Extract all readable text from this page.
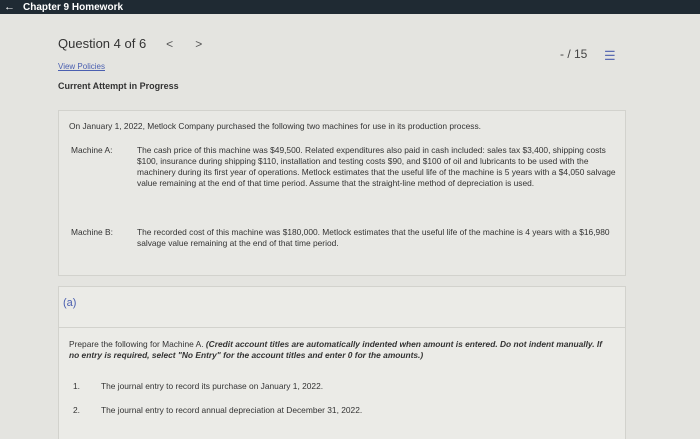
← Chapter 9 Homework
Question 4 of 6 < >
- / 15 ☰
View Policies
Current Attempt in Progress
On January 1, 2022, Metlock Company purchased the following two machines for use in its production process.
Machine A:	The cash price of this machine was $49,500. Related expenditures also paid in cash included: sales tax $3,400, shipping costs $100, insurance during shipping $110, installation and testing costs $90, and $100 of oil and lubricants to be used with the machinery during its first year of operations. Metlock estimates that the useful life of the machine is 5 years with a $4,050 salvage value remaining at the end of that time period. Assume that the straight-line method of depreciation is used.
Machine B:	The recorded cost of this machine was $180,000. Metlock estimates that the useful life of the machine is 4 years with a $16,980 salvage value remaining at the end of that time period.
(a)
Prepare the following for Machine A. (Credit account titles are automatically indented when amount is entered. Do not indent manually. If no entry is required, select "No Entry" for the account titles and enter 0 for the amounts.)
1.	The journal entry to record its purchase on January 1, 2022.
2.	The journal entry to record annual depreciation at December 31, 2022.
